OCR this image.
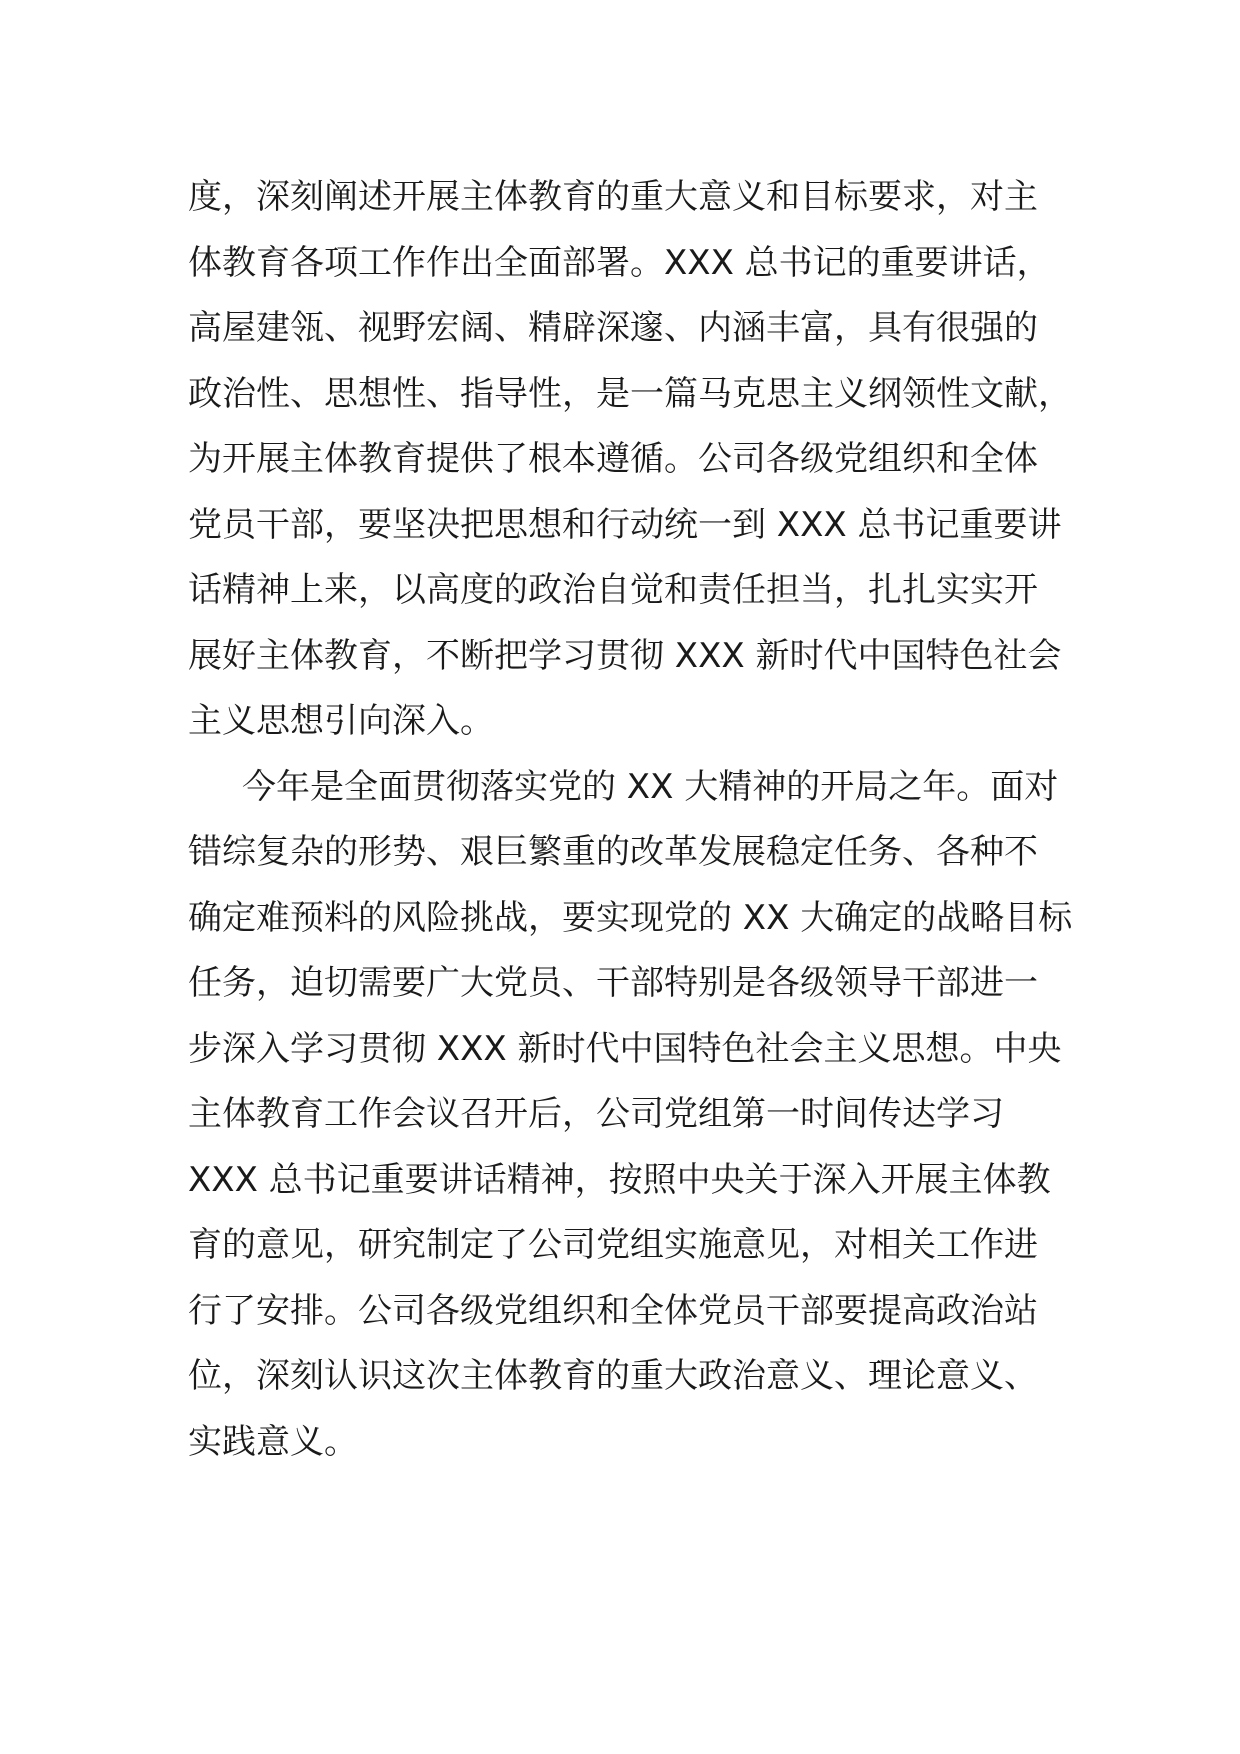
度，深刻阐述开展主体教育的重大意义和目标要求，对主
体教育各项工作作出全面部署。XXX 总书记的重要讲话，
高屋建瓴、视野宏阔、精辟深邃、内涵丰富，具有很强的
政治性、思想性、指导性，是一篇马克思主义纲领性文献，
为开展主体教育提供了根本遵循。公司各级党组织和全体
党员干部，要坚决把思想和行动统一到 XXX 总书记重要讲
话精神上来，以高度的政治自觉和责任担当，扎扎实实开
展好主体教育，不断把学习贯彻 XXX 新时代中国特色社会
主义思想引向深入。
今年是全面贯彻落实党的 XX 大精神的开局之年。面对
错综复杂的形势、艰巨繁重的改革发展稳定任务、各种不
确定难预料的风险挑战，要实现党的 XX 大确定的战略目标
任务，迫切需要广大党员、干部特别是各级领导干部进一
步深入学习贯彻 XXX 新时代中国特色社会主义思想。中央
主体教育工作会议召开后，公司党组第一时间传达学习
XXX 总书记重要讲话精神，按照中央关于深入开展主体教
育的意见，研究制定了公司党组实施意见，对相关工作进
行了安排。公司各级党组织和全体党员干部要提高政治站
位，深刻认识这次主体教育的重大政治意义、理论意义、
实践意义。
